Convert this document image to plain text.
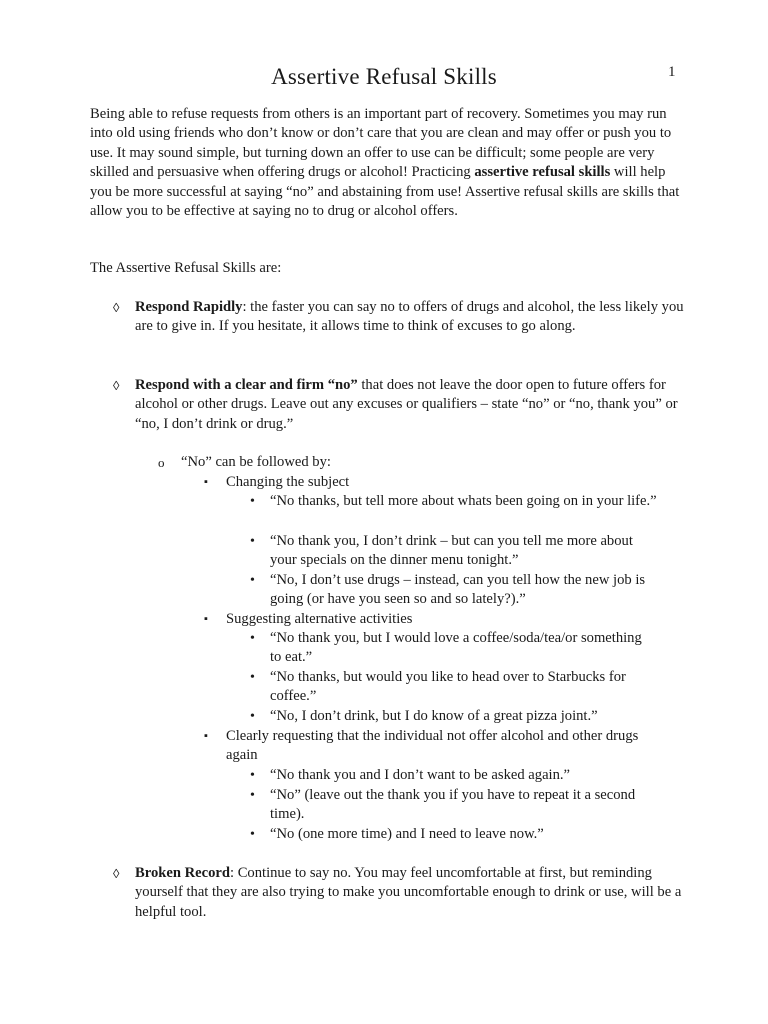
1
Assertive Refusal Skills

Being able to refuse requests from others is an important part of recovery. Sometimes you may run into old using friends who don’t know or don’t care that you are clean and may offer or push you to use. It may sound simple, but turning down an offer to use can be difficult; some people are very skilled and persuasive when offering drugs or alcohol! Practicing assertive refusal skills will help you be more successful at saying “no” and abstaining from use! Assertive refusal skills are skills that allow you to be effective at saying no to drug or alcohol offers.

The Assertive Refusal Skills are:

◊ Respond Rapidly: the faster you can say no to offers of drugs and alcohol, the less likely you are to give in. If you hesitate, it allows time to think of excuses to go along.

◊ Respond with a clear and firm “no” that does not leave the door open to future offers for alcohol or other drugs. Leave out any excuses or qualifiers – state “no” or “no, thank you” or “no, I don’t drink or drug.”

o “No” can be followed by:
▪ Changing the subject
• “No thanks, but tell more about whats been going on in your life.”
• “No thank you, I don’t drink – but can you tell me more about your specials on the dinner menu tonight.”
• “No, I don’t use drugs – instead, can you tell how the new job is going (or have you seen so and so lately?).”
▪ Suggesting alternative activities
• “No thank you, but I would love a coffee/soda/tea/or something to eat.”
• “No thanks, but would you like to head over to Starbucks for coffee.”
• “No, I don’t drink, but I do know of a great pizza joint.”
▪ Clearly requesting that the individual not offer alcohol and other drugs again
• “No thank you and I don’t want to be asked again.”
• “No” (leave out the thank you if you have to repeat it a second time).
• “No (one more time) and I need to leave now.”
◊ Broken Record: Continue to say no. You may feel uncomfortable at first, but reminding yourself that they are also trying to make you uncomfortable enough to drink or use, will be a helpful tool.
